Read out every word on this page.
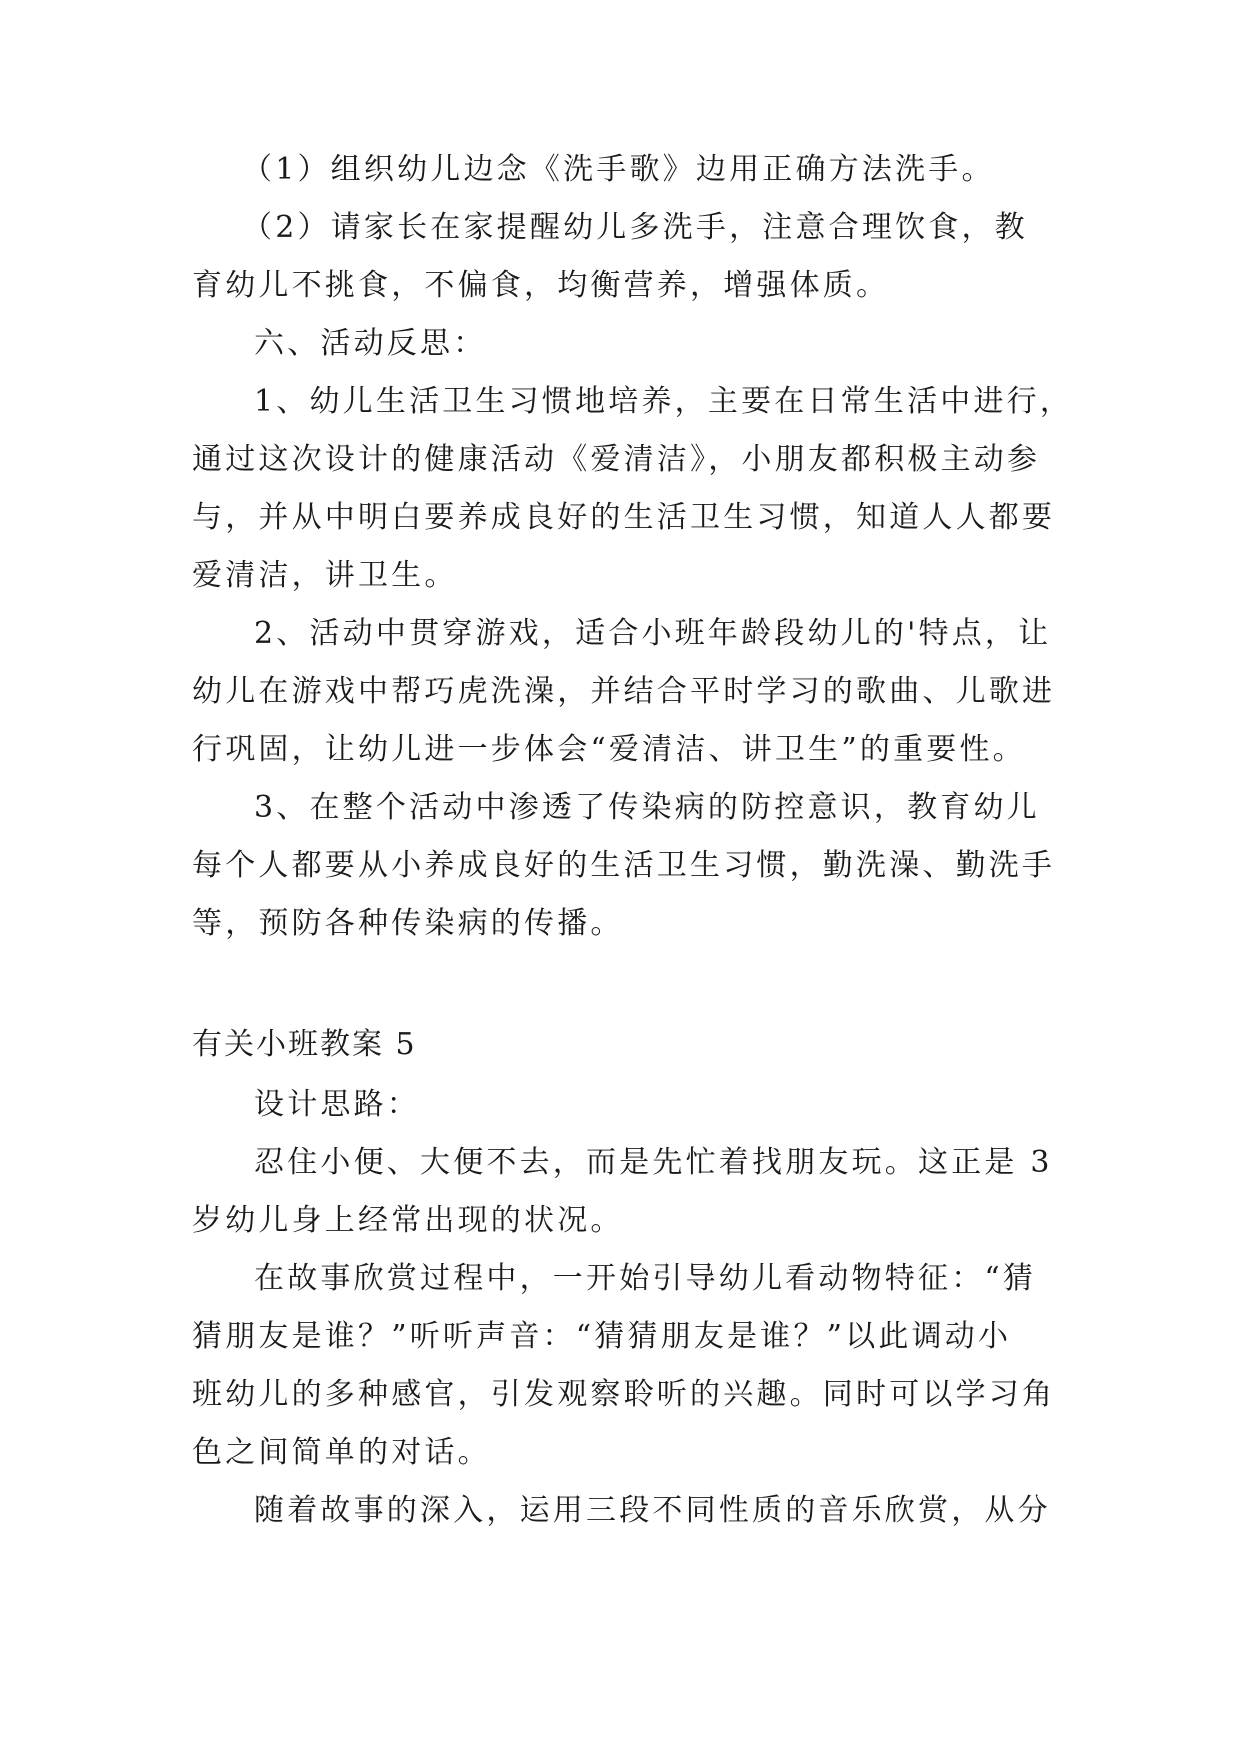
（1）组织幼儿边念《洗手歌》边用正确方法洗手。
（2）请家长在家提醒幼儿多洗手，注意合理饮食，教
育幼儿不挑食，不偏食，均衡营养，增强体质。
六、活动反思：
1、幼儿生活卫生习惯地培养，主要在日常生活中进行，
通过这次设计的健康活动《爱清洁》，小朋友都积极主动参
与，并从中明白要养成良好的生活卫生习惯，知道人人都要
爱清洁，讲卫生。
2、活动中贯穿游戏，适合小班年龄段幼儿的'特点，让
幼儿在游戏中帮巧虎洗澡，并结合平时学习的歌曲、儿歌进
行巩固，让幼儿进一步体会“爱清洁、讲卫生”的重要性。
3、在整个活动中渗透了传染病的防控意识，教育幼儿
每个人都要从小养成良好的生活卫生习惯，勤洗澡、勤洗手
等，预防各种传染病的传播。
有关小班教案 5
设计思路：
忍住小便、大便不去，而是先忙着找朋友玩。这正是 3
岁幼儿身上经常出现的状况。
在故事欣赏过程中，一开始引导幼儿看动物特征：“猜
猜朋友是谁？”听听声音：“猜猜朋友是谁？”以此调动小
班幼儿的多种感官，引发观察聆听的兴趣。同时可以学习角
色之间简单的对话。
随着故事的深入，运用三段不同性质的音乐欣赏，从分
